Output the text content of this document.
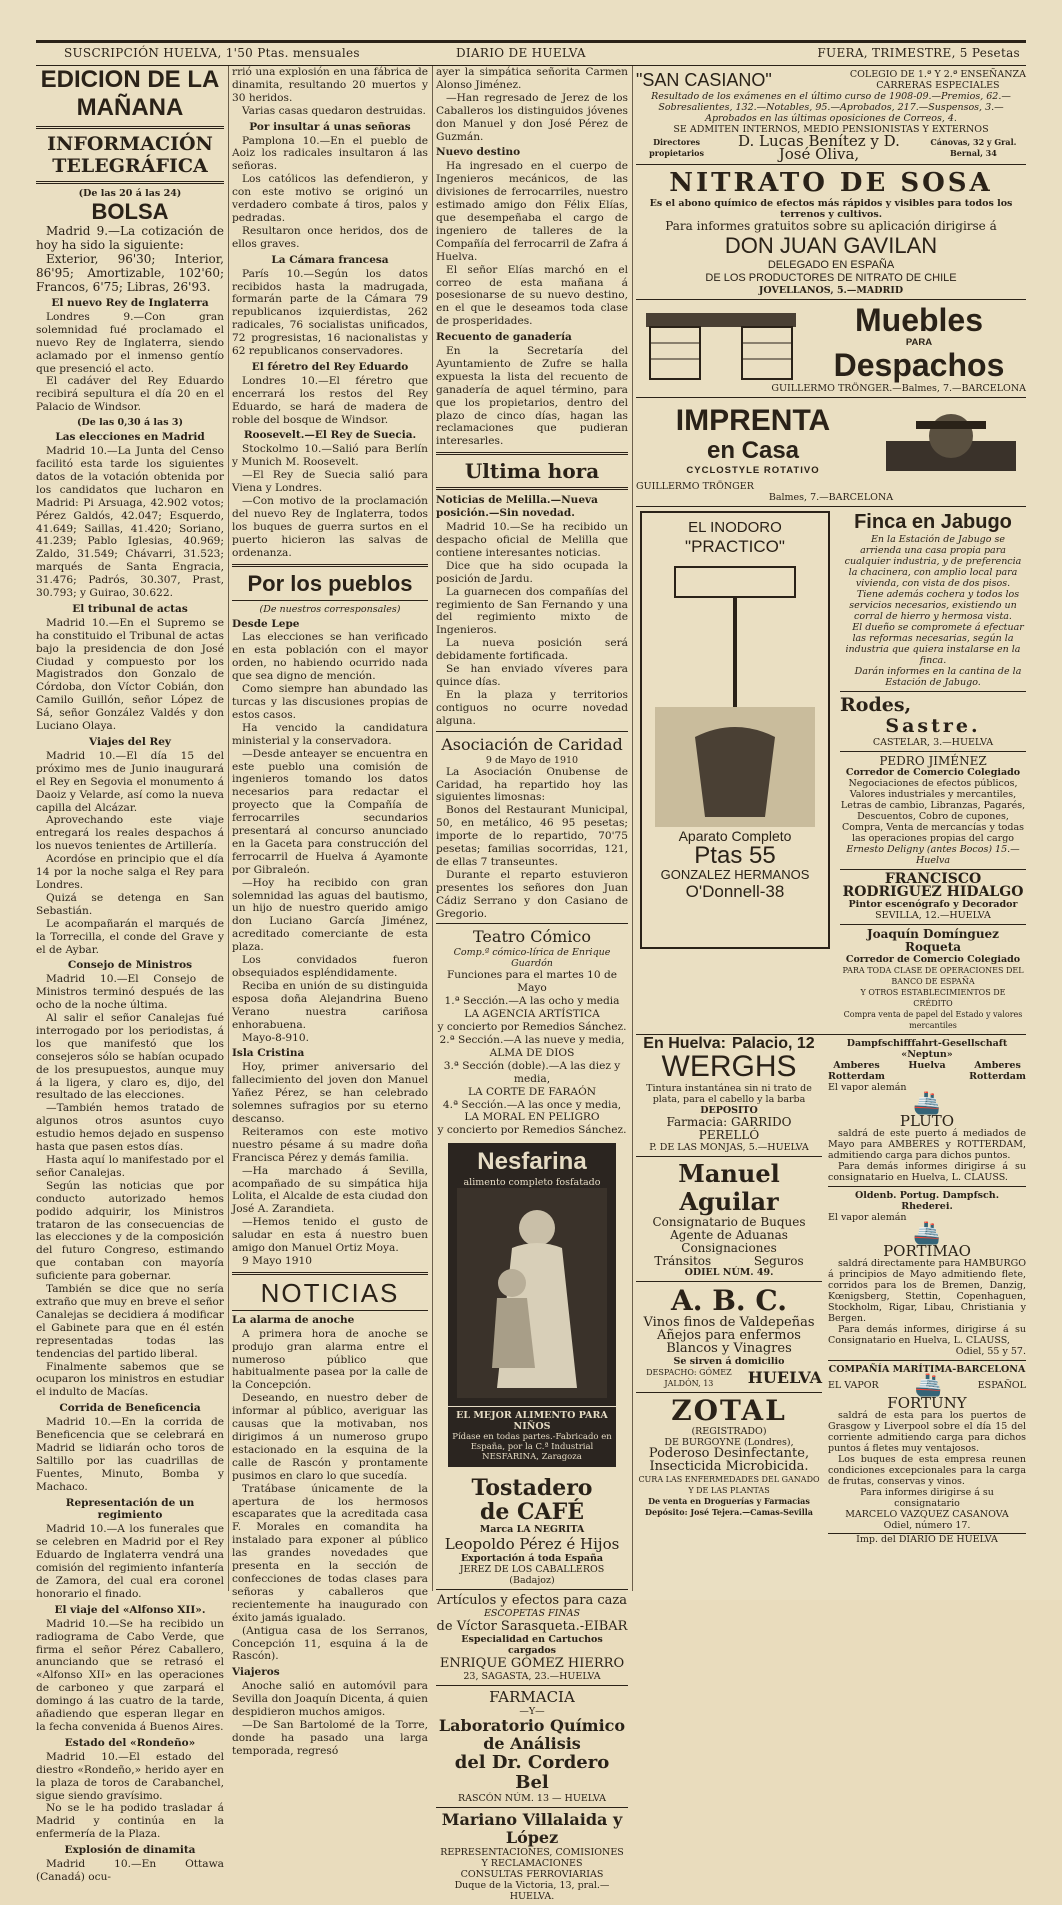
SUSCRIPCIÓN HUELVA, 1'50 Ptas. mensuales	DIARIO DE HUELVA	FUERA, TRIMESTRE, 5 Pesetas
EDICION DE LA MAÑANA
INFORMACIÓN TELEGRÁFICA
(De las 20 á las 24)
BOLSA

Madrid 9.—La cotización de hoy ha sido la siguiente:

Exterior, 96'30; Interior, 86'95; Amortizable, 102'60; Francos, 6'75; Libras, 26'93.

El nuevo Rey de Inglaterra

Londres 9.—Con gran solemnidad fué proclamado el nuevo Rey de Inglaterra, siendo aclamado por el inmenso gentío que presenció el acto.

El cadáver del Rey Eduardo recibirá sepultura el día 20 en el Palacio de Windsor.

(De las 0,30 á las 3)
Las elecciones en Madrid

Madrid 10.—La Junta del Censo facilitó esta tarde los siguientes datos de la votación obtenida por los candidatos que lucharon en Madrid: Pi Arsuaga, 42.902 votos; Pérez Galdós, 42.047; Esquerdo, 41.649; Saillas, 41.420; Soriano, 41.239; Pablo Iglesias, 40.969; Zaldo, 31.549; Chávarri, 31.523; marqués de Santa Engracia, 31.476; Padrós, 30.307, Prast, 30.793; y Guirao, 30.622.

El tribunal de actas

Madrid 10.—En el Supremo se ha constituido el Tribunal de actas bajo la presidencia de don José Ciudad y compuesto por los Magistrados don Gonzalo de Córdoba, don Víctor Cobián, don Camilo Guillón, señor López de Sá, señor González Valdés y don Luciano Olaya.

Viajes del Rey

Madrid 10.—El día 15 del próximo mes de Junio inaugurará el Rey en Segovia el monumento á Daoiz y Velarde, así como la nueva capilla del Alcázar.

Aprovechando este viaje entregará los reales despachos á los nuevos tenientes de Artillería.

Acordóse en principio que el día 14 por la noche salga el Rey para Londres.

Quizá se detenga en San Sebastián.

Le acompañarán el marqués de la Torrecilla, el conde del Grave y el de Aybar.

Consejo de Ministros

Madrid 10.—El Consejo de Ministros terminó después de las ocho de la noche última.

Al salir el señor Canalejas fué interrogado por los periodistas, á los que manifestó que los consejeros sólo se habían ocupado de los presupuestos, aunque muy á la ligera, y claro es, dijo, del resultado de las elecciones.

—También hemos tratado de algunos otros asuntos cuyo estudio hemos dejado en suspenso hasta que pasen estos días.

Hasta aquí lo manifestado por el señor Canalejas.

Según las noticias que por conducto autorizado hemos podido adquirir, los Ministros trataron de las consecuencias de las elecciones y de la composición del futuro Congreso, estimando que contaban con mayoría suficiente para gobernar.

También se dice que no sería extraño que muy en breve el señor Canalejas se decidiera á modificar el Gabinete para que en él estén representadas todas las tendencias del partido liberal.

Finalmente sabemos que se ocuparon los ministros en estudiar el indulto de Macías.

Corrida de Beneficencia

Madrid 10.—En la corrida de Beneficencia que se celebrará en Madrid se lidiarán ocho toros de Saltillo por las cuadrillas de Fuentes, Minuto, Bomba y Machaco.

Representación de un regimiento

Madrid 10.—A los funerales que se celebren en Madrid por el Rey Eduardo de Inglaterra vendrá una comisión del regimiento infantería de Zamora, del cual era coronel honorario el finado.

El viaje del «Alfonso XII».

Madrid 10.—Se ha recibido un radiograma de Cabo Verde, que firma el señor Pérez Caballero, anunciando que se retrasó el «Alfonso XII» en las operaciones de carboneo y que zarpará el domingo á las cuatro de la tarde, añadiendo que esperan llegar en la fecha convenida á Buenos Aires.

Estado del «Rondeño»

Madrid 10.—El estado del diestro «Rondeño,» herido ayer en la plaza de toros de Carabanchel, sigue siendo gravísimo.

No se le ha podido trasladar á Madrid y continúa en la enfermería de la Plaza.

Explosión de dinamita

Madrid 10.—En Ottawa (Canadá) ocu-

rrió una explosión en una fábrica de dinamita, resultando 20 muertos y 30 heridos.

Varias casas quedaron destruidas.

Por insultar á unas señoras

Pamplona 10.—En el pueblo de Aoiz los radicales insultaron á las señoras.

Los católicos las defendieron, y con este motivo se originó un verdadero combate á tiros, palos y pedradas.

Resultaron once heridos, dos de ellos graves.

La Cámara francesa

París 10.—Según los datos recibidos hasta la madrugada, formarán parte de la Cámara 79 republicanos izquierdistas, 262 radicales, 76 socialistas unificados, 72 progresistas, 16 nacionalistas y 62 republicanos conservadores.

El féretro del Rey Eduardo

Londres 10.—El féretro que encerrará los restos del Rey Eduardo, se hará de madera de roble del bosque de Windsor.

Roosevelt.—El Rey de Suecia.

Stockolmo 10.—Salió para Berlín y Munich M. Roosevelt.

—El Rey de Suecia salió para Viena y Londres.

—Con motivo de la proclamación del nuevo Rey de Inglaterra, todos los buques de guerra surtos en el puerto hicieron las salvas de ordenanza.

Por los pueblos
(De nuestros corresponsales)
Desde Lepe

Las elecciones se han verificado en esta población con el mayor orden, no habiendo ocurrido nada que sea digno de mención.

Como siempre han abundado las turcas y las discusiones propias de estos casos.

Ha vencido la candidatura ministerial y la conservadora.

—Desde anteayer se encuentra en este pueblo una comisión de ingenieros tomando los datos necesarios para redactar el proyecto que la Compañía de ferrocarriles secundarios presentará al concurso anunciado en la Gaceta para construcción del ferrocarril de Huelva á Ayamonte por Gibraleón.

—Hoy ha recibido con gran solemnidad las aguas del bautismo, un hijo de nuestro querido amigo don Luciano García Jiménez, acreditado comerciante de esta plaza.

Los convidados fueron obsequiados espléndidamente.

Reciba en unión de su distinguida esposa doña Alejandrina Bueno Verano nuestra cariñosa enhorabuena.

Mayo-8-910.

Isla Cristina

Hoy, primer aniversario del fallecimiento del joven don Manuel Yañez Pérez, se han celebrado solemnes sufragios por su eterno descanso.

Reiteramos con este motivo nuestro pésame á su madre doña Francisca Pérez y demás familia.

—Ha marchado á Sevilla, acompañado de su simpática hija Lolita, el Alcalde de esta ciudad don José A. Zarandieta.

—Hemos tenido el gusto de saludar en esta á nuestro buen amigo don Manuel Ortiz Moya.

9 Mayo 1910

NOTICIAS
La alarma de anoche

A primera hora de anoche se produjo gran alarma entre el numeroso público que habitualmente pasea por la calle de la Concepción.

Deseando, en nuestro deber de informar al público, averiguar las causas que la motivaban, nos dirigimos á un numeroso grupo estacionado en la esquina de la calle de Rascón y prontamente pusimos en claro lo que sucedía.

Tratábase únicamente de la apertura de los hermosos escaparates que la acreditada casa F. Morales en comandita ha instalado para exponer al público las grandes novedades que presenta en la sección de confecciones de todas clases para señoras y caballeros que recientemente ha inaugurado con éxito jamás igualado.

(Antigua casa de los Serranos, Concepción 11, esquina á la de Rascón).

Viajeros

Anoche salió en automóvil para Sevilla don Joaquín Dicenta, á quien despidieron muchos amigos.

—De San Bartolomé de la Torre, donde ha pasado una larga temporada, regresó

ayer la simpática señorita Carmen Alonso Jiménez.

—Han regresado de Jerez de los Caballeros los distinguidos jóvenes don Manuel y don José Pérez de Guzmán.

Nuevo destino

Ha ingresado en el cuerpo de Ingenieros mecánicos, de las divisiones de ferrocarriles, nuestro estimado amigo don Félix Elías, que desempeñaba el cargo de ingeniero de talleres de la Compañía del ferrocarril de Zafra á Huelva.

El señor Elías marchó en el correo de esta mañana á posesionarse de su nuevo destino, en el que le deseamos toda clase de prosperidades.

Recuento de ganadería

En la Secretaría del Ayuntamiento de Zufre se halla expuesta la lista del recuento de ganadería de aquel término, para que los propietarios, dentro del plazo de cinco días, hagan las reclamaciones que pudieran interesarles.

Ultima hora
Noticias de Melilla.—Nueva posición.—Sin novedad.

Madrid 10.—Se ha recibido un despacho oficial de Melilla que contiene interesantes noticias.

Dice que ha sido ocupada la posición de Jardu.

La guarnecen dos compañías del regimiento de San Fernando y una del regimiento mixto de Ingenieros.

La nueva posición será debidamente fortificada.

Se han enviado víveres para quince días.

En la plaza y territorios contiguos no ocurre novedad alguna.

Asociación de Caridad
9 de Mayo de 1910

La Asociación Onubense de Caridad, ha repartido hoy las siguientes limosnas:

Bonos del Restaurant Municipal, 50, en metálico, 46 95 pesetas; importe de lo repartido, 70'75 pesetas; familias socorridas, 121, de ellas 7 transeuntes.

Durante el reparto estuvieron presentes los señores don Juan Cádiz Serrano y don Casiano de Gregorio.

Teatro Cómico
Comp.ª cómico-lírica de Enrique Guardón
Funciones para el martes 10 de Mayo
1.ª Sección.—A las ocho y media
LA AGENCIA ARTÍSTICA
y concierto por Remedios Sánchez.
2.ª Sección.—A las nueve y media,
ALMA DE DIOS
3.ª Sección (doble).—A las diez y media,
LA CORTE DE FARAÓN
4.ª Sección.—A las once y media,
LA MORAL EN PELIGRO
y concierto por Remedios Sánchez.
Nesfarina
alimento completo fosfatado
EL MEJOR ALIMENTO PARA NIÑOS
Pídase en todas partes.-Fabricado en España, por la C.ª Industrial NESFARINA, Zaragoza
Tostadero
de CAFÉ
Marca LA NEGRITA
Leopoldo Pérez é Hijos
Exportación á toda España
JEREZ DE LOS CABALLEROS (Badajoz)
Artículos y efectos para caza
ESCOPETAS FINAS
de Víctor Sarasqueta.-EIBAR
Especialidad en Cartuchos cargados
ENRIQUE GÓMEZ HIERRO
23, SAGASTA, 23.—HUELVA
FARMACIA
—Y—
Laboratorio Químico de Análisis
del Dr. Cordero Bel
RASCÓN NÚM. 13 — HUELVA
Mariano Villalaida y López
REPRESENTACIONES, COMISIONES Y RECLAMACIONES
CONSULTAS FERROVIARIAS
Duque de la Victoria, 13, pral.—HUELVA.
"SAN CASIANO"	COLEGIO DE 1.ª Y 2.ª ENSEÑANZA
CARRERAS ESPECIALES
Resultado de los exámenes en el último curso de 1908-09.—Premios, 62.—Sobresalientes, 132.—Notables, 95.—Aprobados, 217.—Suspensos, 3.—Aprobados en las últimas oposiciones de Correos, 4.
SE ADMITEN INTERNOS, MEDIO PENSIONISTAS Y EXTERNOS
Directores propietarios
D. Lucas Benítez y D. José Oliva,
Cánovas, 32 y Gral. Bernal, 34
NITRATO DE SOSA
Es el abono químico de efectos más rápidos y visibles para todos los terrenos y cultivos.
Para informes gratuitos sobre su aplicación dirigirse á
DON JUAN GAVILAN
DELEGADO EN ESPAÑA
DE LOS PRODUCTORES DE NITRATO DE CHILE
JOVELLANOS, 5.—MADRID
Muebles
PARA
Despachos
GUILLERMO TRÖNGER.—Balmes, 7.—BARCELONA
IMPRENTA
en Casa
CYCLOSTYLE ROTATIVO
GUILLERMO TRÖNGER
Balmes, 7.—BARCELONA
EL INODORO
"PRACTICO"
Aparato Completo
Ptas 55
GONZALEZ HERMANOS
O'Donnell-38
Finca en Jabugo

En la Estación de Jabugo se arrienda una casa propia para cualquier industria, y de preferencia la chacinera, con amplio local para vivienda, con vista de dos pisos.

Tiene además cochera y todos los servicios necesarios, existiendo un corral de hierro y hermosa vista.

El dueño se compromete á efectuar las reformas necesarias, según la industria que quiera instalarse en la finca.

Darán informes en la cantina de la Estación de Jabugo.

Rodes,
Sastre.
CASTELAR, 3.—HUELVA
PEDRO JIMÉNEZ
Corredor de Comercio Colegiado
Negociaciones de efectos públicos, Valores industriales y mercantiles, Letras de cambio, Libranzas, Pagarés, Descuentos, Cobro de cupones, Compra, Venta de mercancías y todas las operaciones propias del cargo
Ernesto Deligny (antes Bocos) 15.—Huelva
FRANCISCO RODRIGUEZ HIDALGO
Pintor escenógrafo y Decorador
SEVILLA, 12.—HUELVA
Joaquín Domínguez Roqueta
Corredor de Comercio Colegiado
PARA TODA CLASE DE OPERACIONES DEL BANCO DE ESPAÑA
Y OTROS ESTABLECIMIENTOS DE CRÉDITO
Compra venta de papel del Estado y valores mercantiles
En Huelva: Palacio, 12
WERGHS
Tintura instantánea sin ni trato de plata, para el cabello y la barba
DEPOSITO
Farmacia: GARRIDO PERELLÓ
P. DE LAS MONJAS, 5.—HUELVA
Manuel Aguilar
Consignatario de Buques
Agente de Aduanas
Consignaciones
Tránsitos	Seguros
ODIEL NÚM. 49.
A. B. C.
Vinos finos de Valdepeñas
Añejos para enfermos
Blancos y Vinagres
Se sirven á domicilio
DESPACHO: GÓMEZ JALDÓN, 13	HUELVA
ZOTAL
(REGISTRADO)
DE BURGOYNE (Londres),
Poderoso Desinfectante,
Insecticida Microbicida.
CURA LAS ENFERMEDADES DEL GANADO Y DE LAS PLANTAS
De venta en Droguerías y Farmacias
Depósito: José Tejera.—Camas-Sevilla
Dampfschifffahrt-Gesellschaft «Neptun»
Amberes
Rotterdam
Huelva	Amberes
Rotterdam
El vapor alemán
🚢
PLUTO

saldrá de este puerto á mediados de Mayo para AMBERES y ROTTERDAM, admitiendo carga para dichos puntos.

Para demás informes dirigirse á su consignatario en Huelva, L. CLAUSS.

Oldenb. Portug. Dampfsch. Rhederei.
El vapor alemán
🚢
PORTIMAO

saldrá directamente para HAMBURGO á principios de Mayo admitiendo flete, corridos para los de Bremen, Danzig, Kœnigsberg, Stettin, Copenhaguen, Stockholm, Rigar, Libau, Christiania y Bergen.

Para demás informes, dirigirse á su Consignatario en Huelva, L. CLAUSS,

Odiel, 55 y 57.
COMPAÑÍA MARÍTIMA-BARCELONA
EL VAPOR 🚢	ESPAÑOL
FORTUNY

saldrá de esta para los puertos de Grasgow y Liverpool sobre el día 15 del corriente admitiendo carga para dichos puntos á fletes muy ventajosos.

Los buques de esta empresa reunen condiciones excepcionales para la carga de frutas, conservas y vinos.

Para informes dirigirse á su consignatario
MARCELO VAZQUEZ CASANOVA
Odiel, número 17.
Imp. del DIARIO DE HUELVA
